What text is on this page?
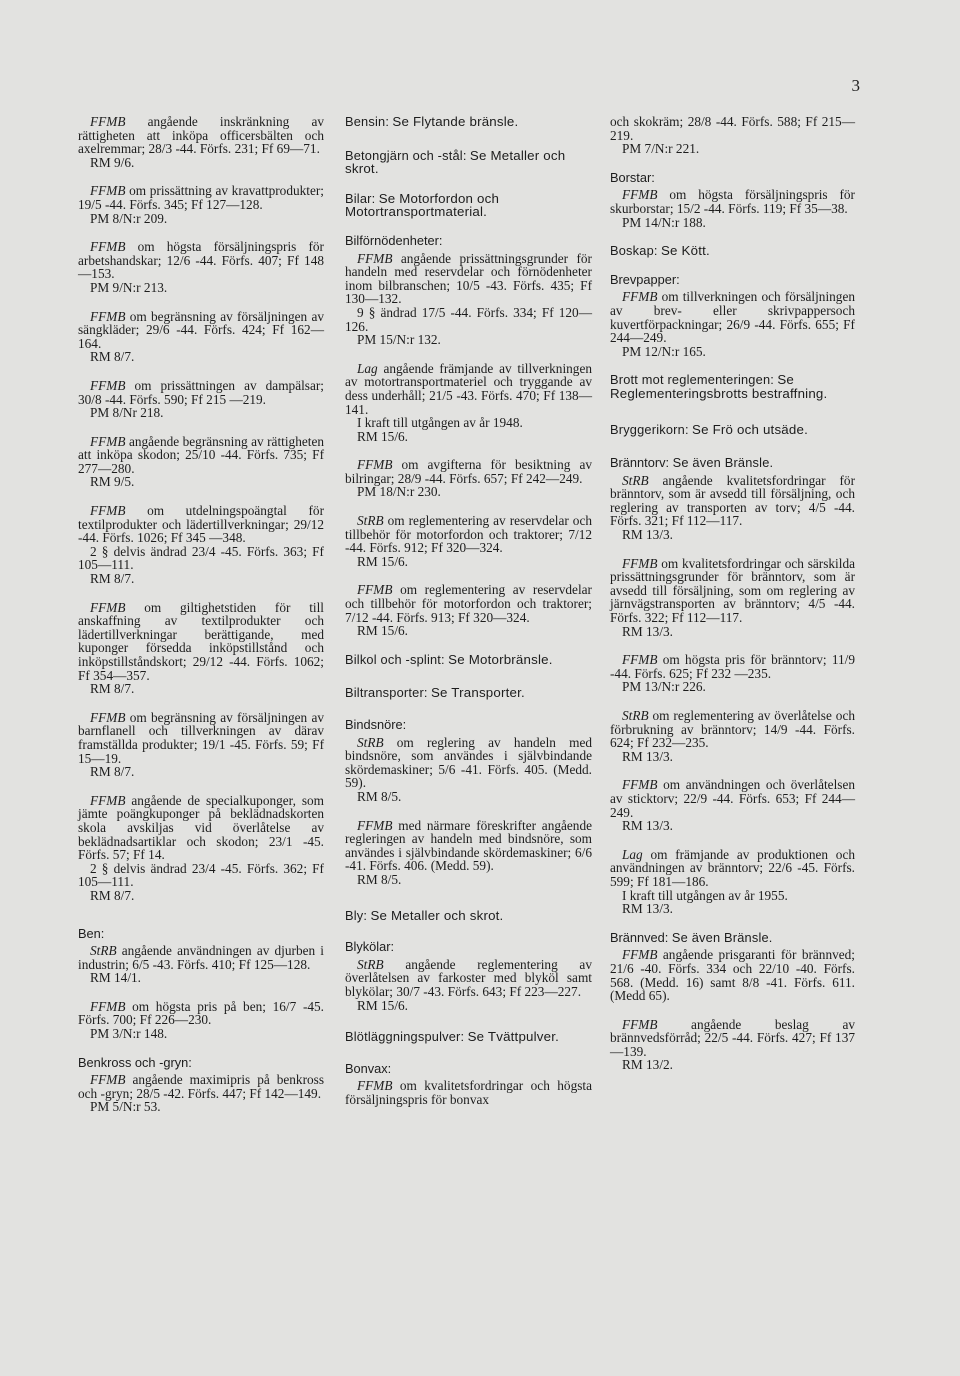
3
FFMB angående inskränkning av rättigheten att inköpa officersbälten och axelremmar; 28/3 -44. Förfs. 231; Ff 69—71.
RM 9/6.
FFMB om prissättning av kravattprodukter; 19/5 -44. Förfs. 345; Ff 127—128.
PM 8/N:r 209.
FFMB om högsta försäljningspris för arbetshandskar; 12/6 -44. Förfs. 407; Ff 148—153.
PM 9/N:r 213.
FFMB om begränsning av försäljningen av sängkläder; 29/6 -44. Förfs. 424; Ff 162—164.
RM 8/7.
FFMB om prissättningen av dampälsar; 30/8 -44. Förfs. 590; Ff 215 —219.
PM 8/Nr 218.
FFMB angående begränsning av rättigheten att inköpa skodon; 25/10 -44. Förfs. 735; Ff 277—280.
RM 9/5.
FFMB om utdelningspoängtal för textilprodukter och lädertillverkningar; 29/12 -44. Förfs. 1026; Ff 345 —348.
2 § delvis ändrad 23/4 -45. Förfs. 363; Ff 105—111.
RM 8/7.
FFMB om giltighetstiden för till anskaffning av textilprodukter och lädertillverkningar berättigande, med kuponger försedda inköpstillstånd och inköpstillståndskort; 29/12 -44. Förfs. 1062; Ff 354—357.
RM 8/7.
FFMB om begränsning av försäljningen av barnflanell och tillverkningen av därav framställda produkter; 19/1 -45. Förfs. 59; Ff 15—19.
RM 8/7.
FFMB angående de specialkuponger, som jämte poängkuponger på beklädnadskorten skola avskiljas vid överlåtelse av beklädnadsartiklar och skodon; 23/1 -45. Förfs. 57; Ff 14.
2 § delvis ändrad 23/4 -45. Förfs. 362; Ff 105—111.
RM 8/7.
Ben:
StRB angående användningen av djurben i industrin; 6/5 -43. Förfs. 410; Ff 125—128.
RM 14/1.
FFMB om högsta pris på ben; 16/7 -45. Förfs. 700; Ff 226—230.
PM 3/N:r 148.
Benkross och -gryn:
FFMB angående maximipris på benkross och -gryn; 28/5 -42. Förfs. 447; Ff 142—149.
PM 5/N:r 53.
Bensin: Se Flytande bränsle.
Betongjärn och -stål: Se Metaller och skrot.
Bilar: Se Motorfordon och Motortransportmaterial.
Bilförnödenheter:
FFMB angående prissättningsgrunder för handeln med reservdelar och förnödenheter inom bilbranschen; 10/5 -43. Förfs. 435; Ff 130—132.
9 § ändrad 17/5 -44. Förfs. 334; Ff 120—126.
PM 15/N:r 132.
Lag angående främjande av tillverkningen av motortransportmateriel och tryggande av dess underhåll; 21/5 -43. Förfs. 470; Ff 138—141.
I kraft till utgången av år 1948.
RM 15/6.
FFMB om avgifterna för besiktning av bilringar; 28/9 -44. Förfs. 657; Ff 242—249.
PM 18/N:r 230.
StRB om reglementering av reservdelar och tillbehör för motorfordon och traktorer; 7/12 -44. Förfs. 912; Ff 320—324.
RM 15/6.
FFMB om reglementering av reservdelar och tillbehör för motorfordon och traktorer; 7/12 -44. Förfs. 913; Ff 320—324.
RM 15/6.
Bilkol och -splint: Se Motorbränsle.
Biltransporter: Se Transporter.
Bindsnöre:
StRB om reglering av handeln med bindsnöre, som användes i självbindande skördemaskiner; 5/6 -41. Förfs. 405. (Medd. 59).
RM 8/5.
FFMB med närmare föreskrifter angående regleringen av handeln med bindsnöre, som användes i självbindande skördemaskiner; 6/6 -41. Förfs. 406. (Medd. 59).
RM 8/5.
Bly: Se Metaller och skrot.
Blykölar:
StRB angående reglementering av överlåtelsen av farkoster med blyköl samt blykölar; 30/7 -43. Förfs. 643; Ff 223—227.
RM 15/6.
Blötläggningspulver: Se Tvättpulver.
Bonvax:
FFMB om kvalitetsfordringar och högsta försäljningspris för bonvax
och skokräm; 28/8 -44. Förfs. 588; Ff 215—219.
PM 7/N:r 221.
Borstar:
FFMB om högsta försäljningspris för skurborstar; 15/2 -44. Förfs. 119; Ff 35—38.
PM 14/N:r 188.
Boskap: Se Kött.
Brevpapper:
FFMB om tillverkningen och försäljningen av brev- eller skrivpappersoch kuvertförpackningar; 26/9 -44. Förfs. 655; Ff 244—249.
PM 12/N:r 165.
Brott mot reglementeringen: Se Reglementeringsbrotts bestraffning.
Bryggerikorn: Se Frö och utsäde.
Bränntorv: Se även Bränsle.
StRB angående kvalitetsfordringar för bränntorv, som är avsedd till försäljning, och reglering av transporten av torv; 4/5 -44. Förfs. 321; Ff 112—117.
RM 13/3.
FFMB om kvalitetsfordringar och särskilda prissättningsgrunder för bränntorv, som är avsedd till försäljning, som om reglering av järnvägstransporten av bränntorv; 4/5 -44. Förfs. 322; Ff 112—117.
RM 13/3.
FFMB om högsta pris för bränntorv; 11/9 -44. Förfs. 625; Ff 232 —235.
PM 13/N:r 226.
StRB om reglementering av överlåtelse och förbrukning av bränntorv; 14/9 -44. Förfs. 624; Ff 232—235.
RM 13/3.
FFMB om användningen och överlåtelsen av sticktorv; 22/9 -44. Förfs. 653; Ff 244—249.
RM 13/3.
Lag om främjande av produktionen och användningen av bränntorv; 22/6 -45. Förfs. 599; Ff 181—186.
I kraft till utgången av år 1955.
RM 13/3.
Brännved: Se även Bränsle.
FFMB angående prisgaranti för brännved; 21/6 -40. Förfs. 334 och 22/10 -40. Förfs. 568. (Medd. 16) samt 8/8 -41. Förfs. 611. (Medd 65).
FFMB angående beslag av brännvedsförråd; 22/5 -44. Förfs. 427; Ff 137—139.
RM 13/2.
